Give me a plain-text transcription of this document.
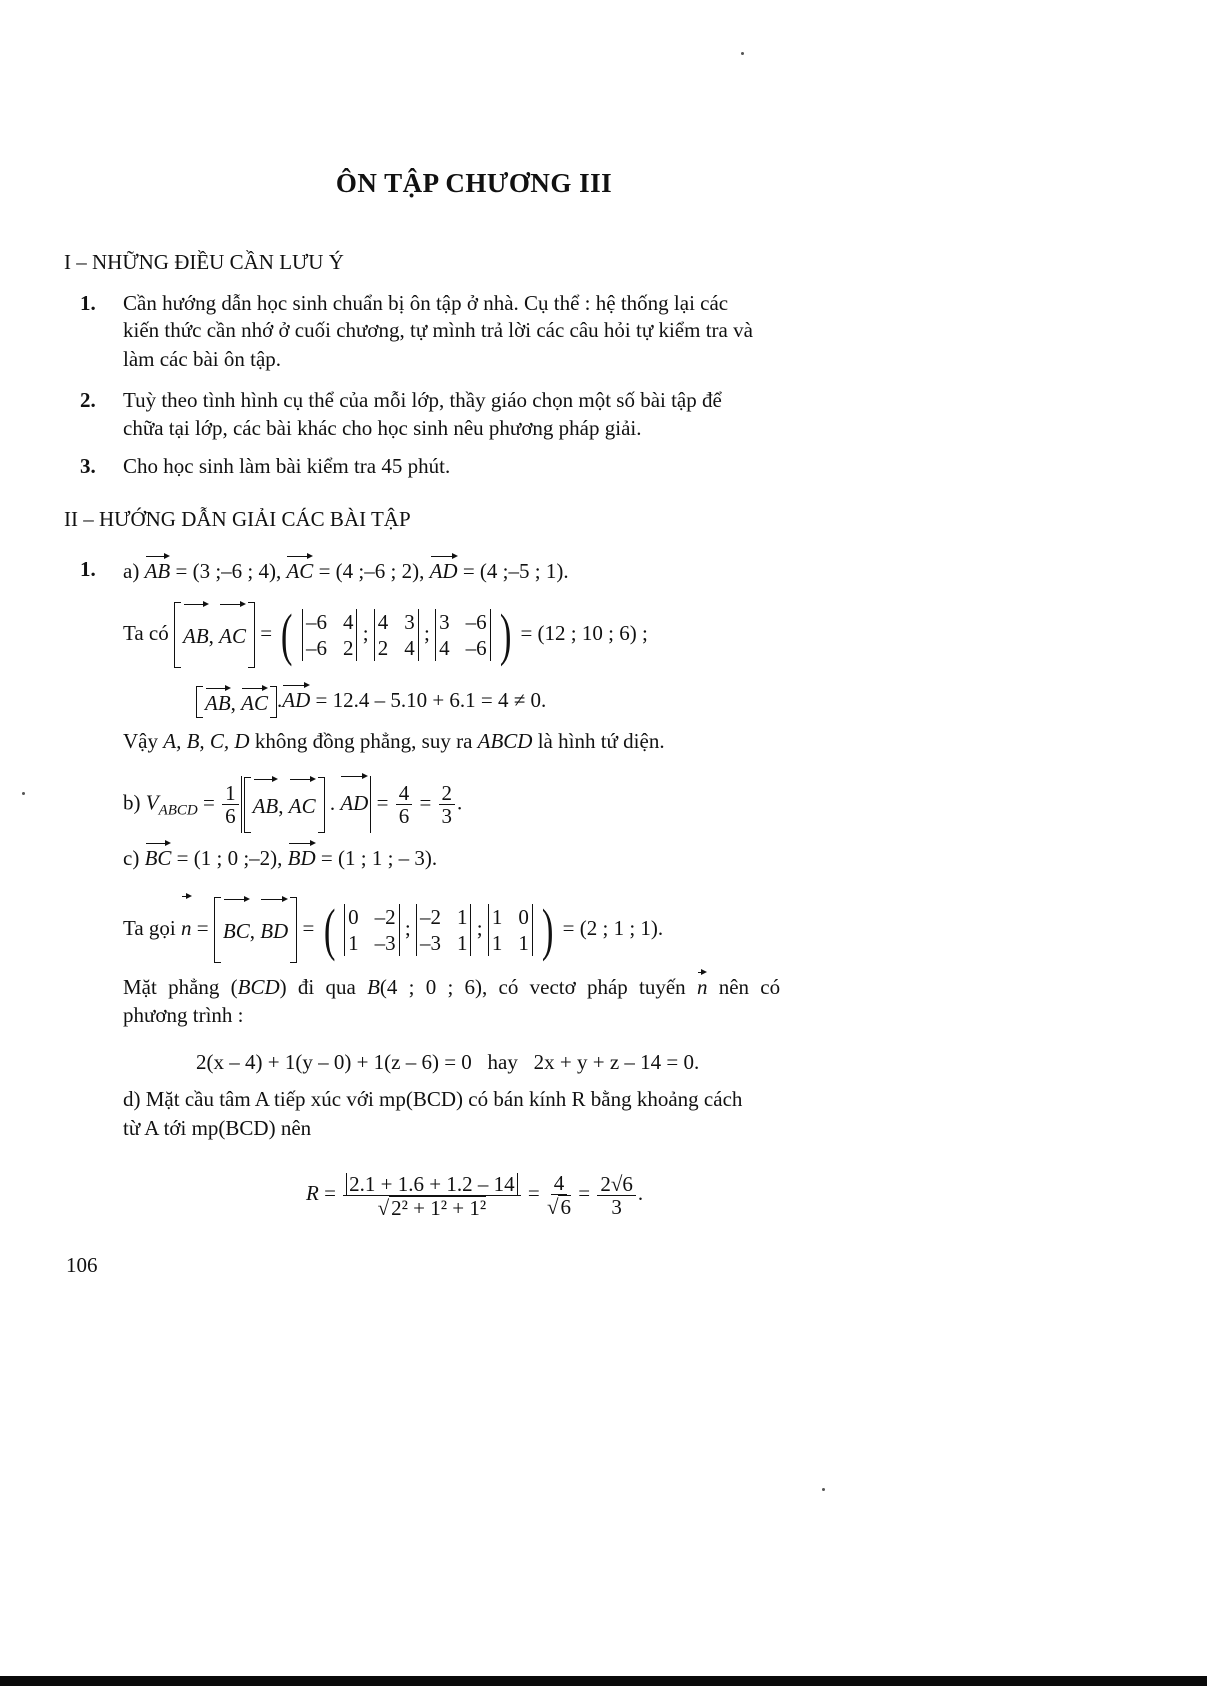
ÔN TẬP CHƯƠNG III
I – NHỮNG ĐIỀU CẦN LƯU Ý
1. Cần hướng dẫn học sinh chuẩn bị ôn tập ở nhà. Cụ thể : hệ thống lại các
kiến thức cần nhớ ở cuối chương, tự mình trả lời các câu hỏi tự kiểm tra và
làm các bài ôn tập.
2. Tuỳ theo tình hình cụ thể của mỗi lớp, thầy giáo chọn một số bài tập để
chữa tại lớp, các bài khác cho học sinh nêu phương pháp giải.
3. Cho học sinh làm bài kiểm tra 45 phút.
II – HƯỚNG DẪN GIẢI CÁC BÀI TẬP
1. a) AB = (3 ;–6 ; 4), AC = (4 ;–6 ; 2), AD = (4 ;–5 ; 1).
Ta có AB, AC = ( –6 4
–6 2
; 4 3
2 4
; 3 –6
4 –6 ) = (12 ; 10 ; 6) ;
AB, AC .AD = 12.4 – 5.10 + 6.1 = 4 ≠ 0.
Vậy A, B, C, D không đồng phẳng, suy ra ABCD là hình tứ diện.
b) $V_{ABCD} = \frac{1}{6}$ AB, AC . AD = $\frac{4}{6} = \frac{2}{3}$ .
c) BC = (1 ; 0 ;–2), BD = (1 ; 1 ; – 3).
Ta gọi n = BC, BD = ( 0 –2
1 –3
; –2 1
–3 1
; 1 0
1 1 ) = (2 ; 1 ; 1).
Mặt phẳng (BCD) đi qua B(4 ; 0 ; 6), có vectơ pháp tuyến n nên có
phương trình :
2(x – 4) + 1(y – 0) + 1(z – 6) = 0   hay   2x + y + z – 14 = 0.
d) Mặt cầu tâm A tiếp xúc với mp(BCD) có bán kính R bằng khoảng cách
từ A tới mp(BCD) nên
$R = \frac{2.1 + 1.6 + 1.2 - 14}{\text{√2² + 1² + 1²}} = \frac{4}{√6} = \frac{2√6}{3}$ .
106
